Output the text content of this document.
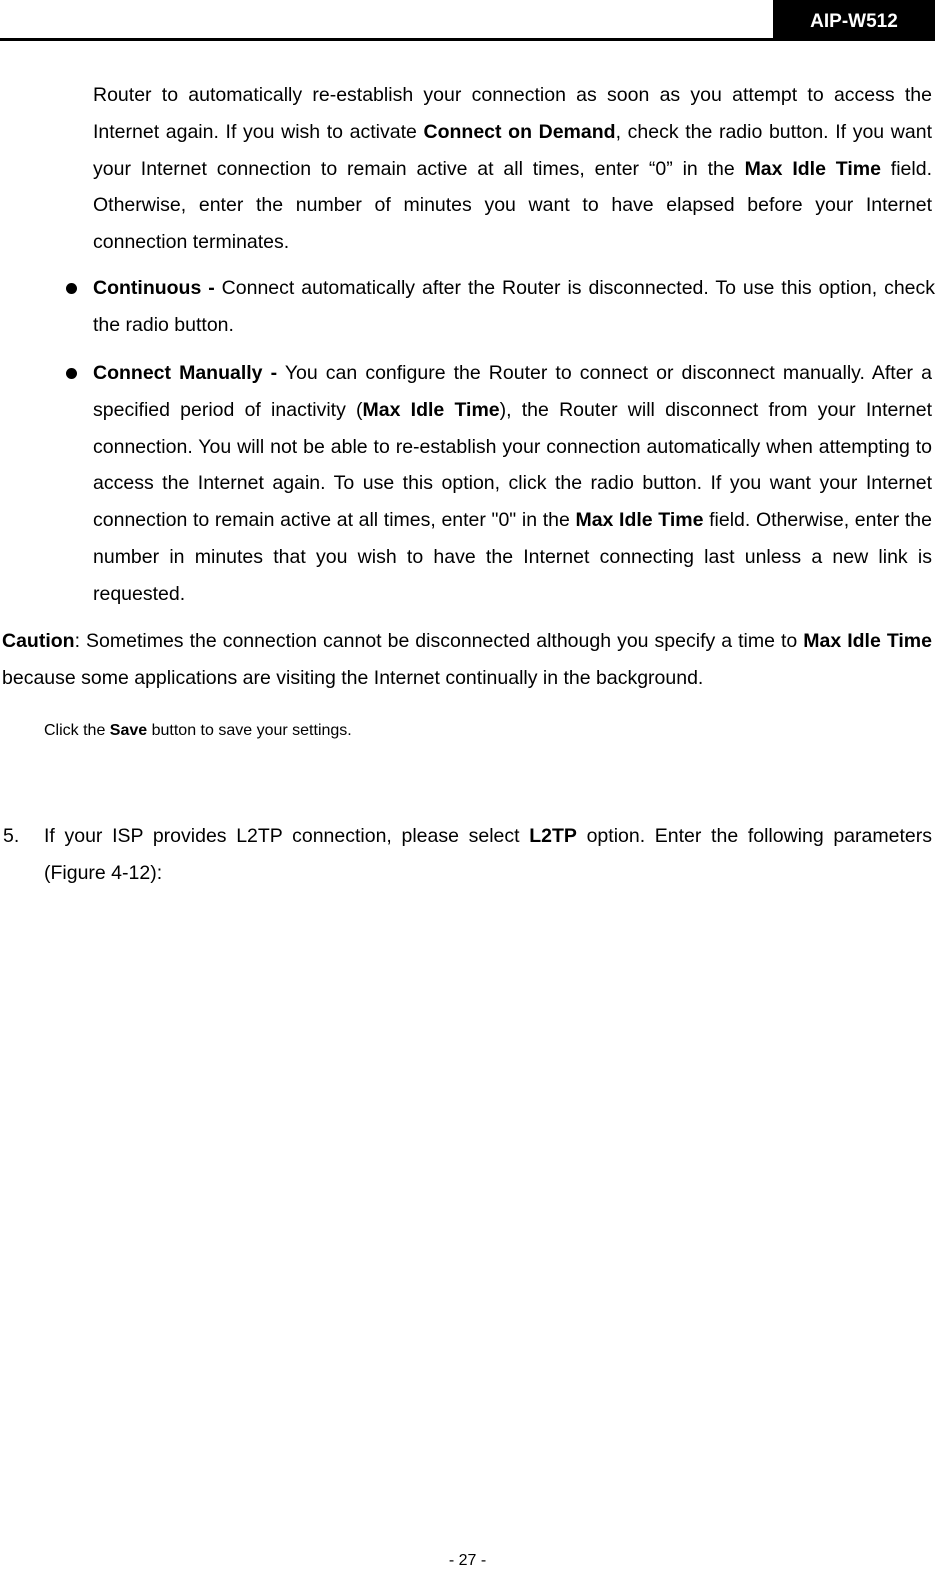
AIP-W512

Router to automatically re-establish your connection as soon as you attempt to access the Internet again. If you wish to activate Connect on Demand, check the radio button. If you want your Internet connection to remain active at all times, enter “0” in the Max Idle Time field. Otherwise, enter the number of minutes you want to have elapsed before your Internet connection terminates.

Continuous - Connect automatically after the Router is disconnected. To use this option, check the radio button.

Connect Manually - You can configure the Router to connect or disconnect manually. After a specified period of inactivity (Max Idle Time), the Router will disconnect from your Internet connection. You will not be able to re-establish your connection automatically when attempting to access the Internet again. To use this option, click the radio button. If you want your Internet connection to remain active at all times, enter "0" in the Max Idle Time field. Otherwise, enter the number in minutes that you wish to have the Internet connecting last unless a new link is requested.

Caution: Sometimes the connection cannot be disconnected although you specify a time to Max Idle Time because some applications are visiting the Internet continually in the background.

Click the Save button to save your settings.

5. If your ISP provides L2TP connection, please select L2TP option. Enter the following parameters (Figure 4-12):

- 27 -
